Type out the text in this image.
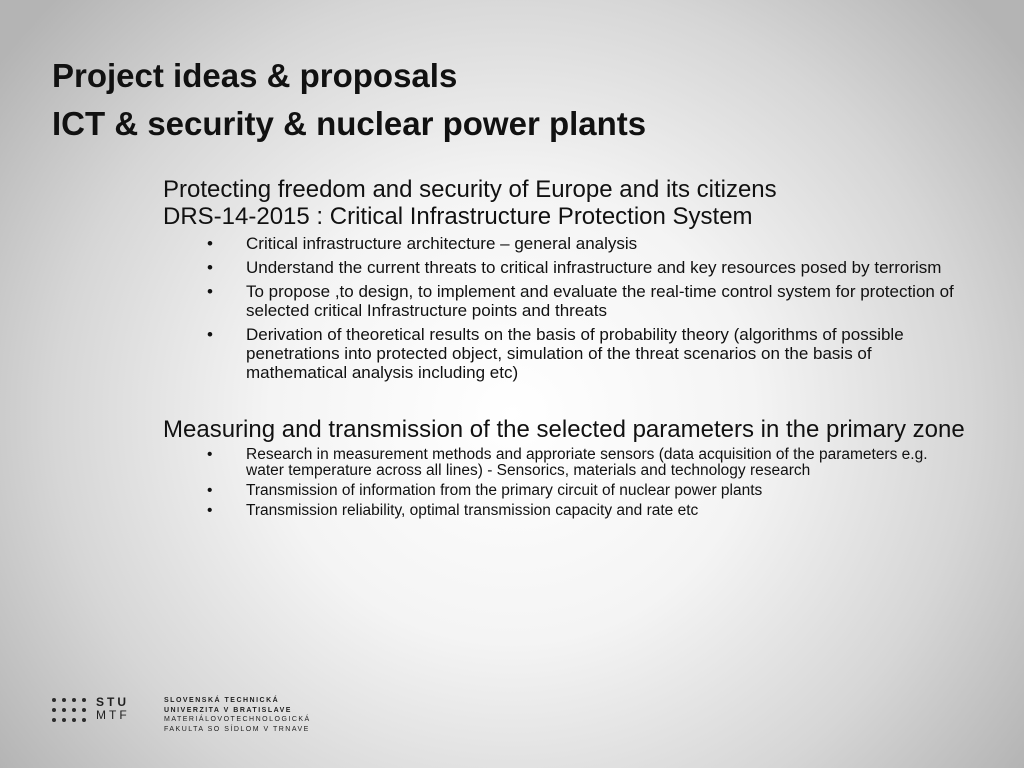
Project ideas & proposals
ICT & security & nuclear power plants
Protecting freedom and security of Europe and its citizens
DRS-14-2015 : Critical Infrastructure Protection System
• Critical infrastructure architecture – general analysis
• Understand the current threats to critical infrastructure and key resources posed by terrorism
• To propose ,to design, to implement and evaluate the real-time control system for protection of selected critical Infrastructure points and threats
• Derivation of theoretical results on the basis of probability theory (algorithms of possible penetrations into protected object, simulation of the threat scenarios on the basis of mathematical analysis including etc)
Measuring and transmission of the selected parameters in the primary zone
• Research in measurement methods and approriate sensors (data acquisition of the parameters e.g. water temperature across all lines) - Sensorics, materials and technology research
• Transmission of information from the primary circuit of nuclear power plants
• Transmission reliability, optimal transmission capacity and rate etc
STU
MTF
SLOVENSKÁ TECHNICKÁ
UNIVERZITA V BRATISLAVE
MATERIÁLOVOTECHNOLOGICKÁ
FAKULTA SO SÍDLOM V TRNAVE
